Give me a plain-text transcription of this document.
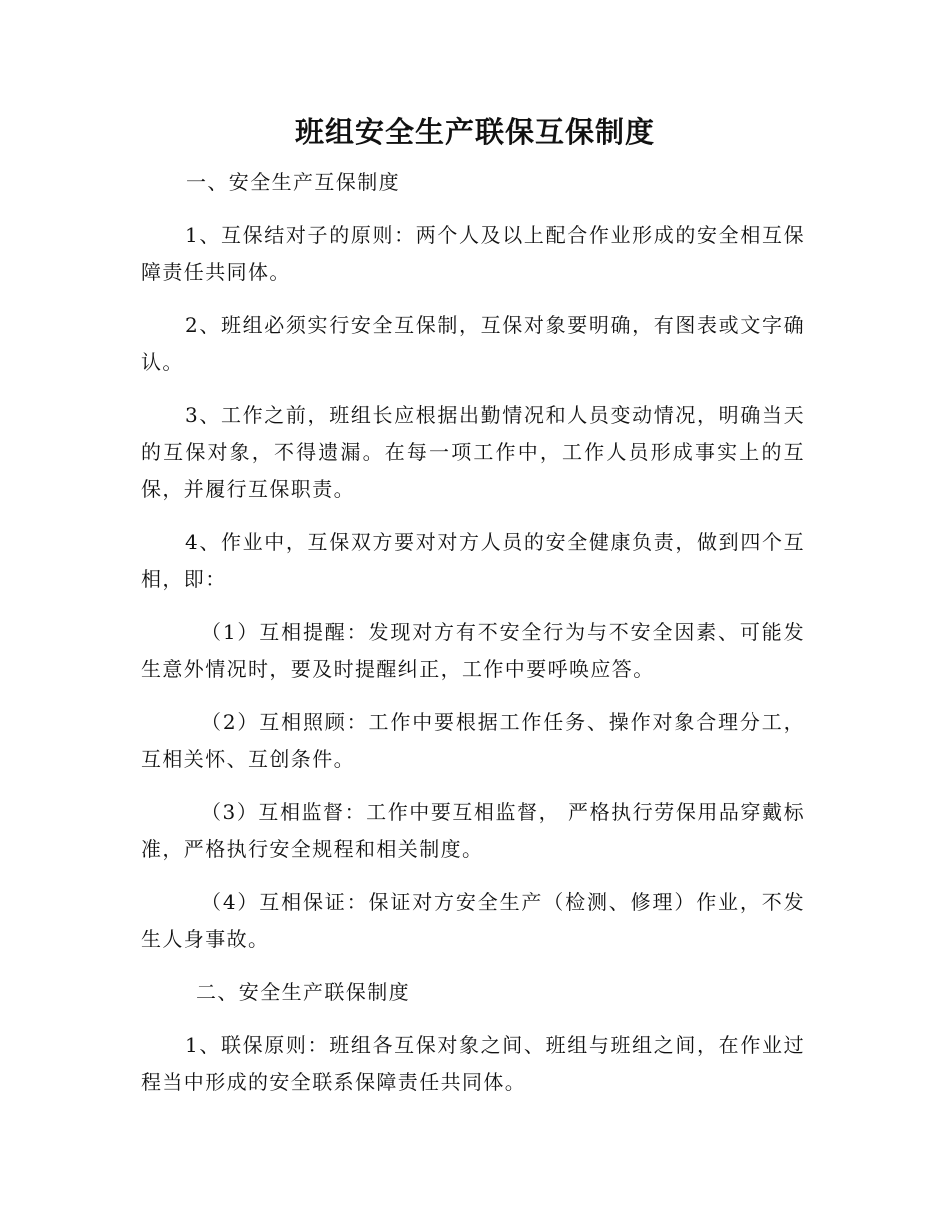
班组安全生产联保互保制度
一、安全生产互保制度
1、互保结对子的原则：两个人及以上配合作业形成的安全相互保障责任共同体。
2、班组必须实行安全互保制，互保对象要明确，有图表或文字确认。
3、工作之前，班组长应根据出勤情况和人员变动情况，明确当天的互保对象，不得遗漏。在每一项工作中，工作人员形成事实上的互保，并履行互保职责。
4、作业中，互保双方要对对方人员的安全健康负责，做到四个互相，即：
（1）互相提醒：发现对方有不安全行为与不安全因素、可能发生意外情况时，要及时提醒纠正，工作中要呼唤应答。
（2）互相照顾：工作中要根据工作任务、操作对象合理分工，互相关怀、互创条件。
（3）互相监督：工作中要互相监督， 严格执行劳保用品穿戴标准，严格执行安全规程和相关制度。
（4）互相保证：保证对方安全生产（检测、修理）作业，不发生人身事故。
二、安全生产联保制度
1、联保原则：班组各互保对象之间、班组与班组之间，在作业过程当中形成的安全联系保障责任共同体。
